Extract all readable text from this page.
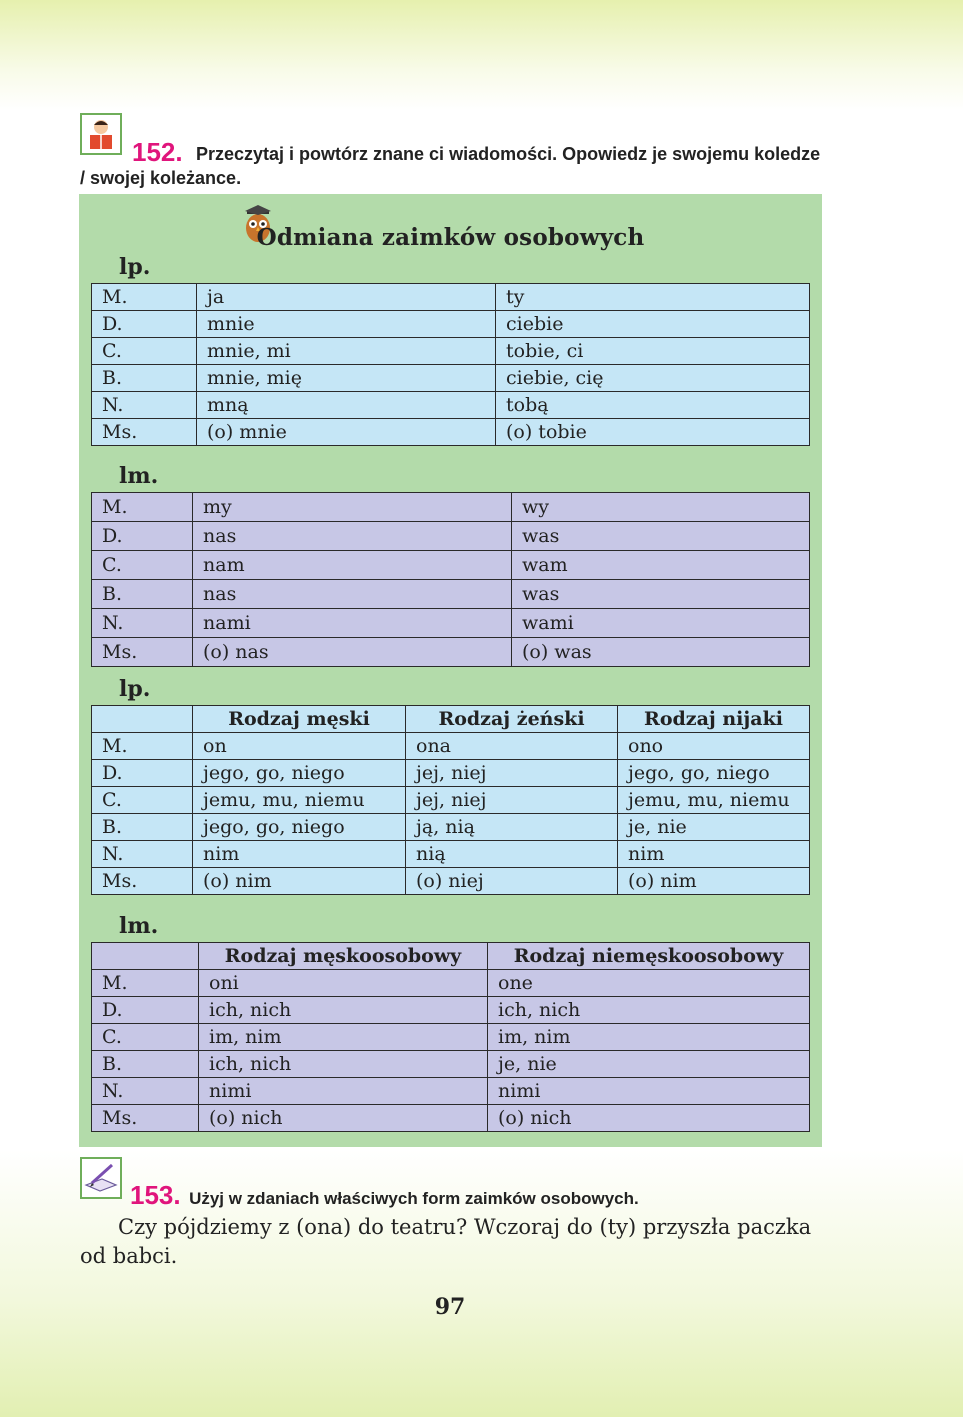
152. Przeczytaj i powtórz znane ci wiadomości. Opowiedz je swojemu koledze / swojej koleżance.
Odmiana zaimków osobowych
lp.
M.	ja	ty
D.	mnie	ciebie
C.	mnie, mi	tobie, ci
B.	mnie, mię	ciebie, cię
N.	mną	tobą
Ms.	(o) mnie	(o) tobie
lm.
M.	my	wy
D.	nas	was
C.	nam	wam
B.	nas	was
N.	nami	wami
Ms.	(o) nas	(o) was
lp.
	Rodzaj męski	Rodzaj żeński	Rodzaj nijaki
M.	on	ona	ono
D.	jego, go, niego	jej, niej	jego, go, niego
C.	jemu, mu, niemu	jej, niej	jemu, mu, niemu
B.	jego, go, niego	ją, nią	je, nie
N.	nim	nią	nim
Ms.	(o) nim	(o) niej	(o) nim
lm.
	Rodzaj męskoosobowy	Rodzaj niemęskoosobowy
M.	oni	one
D.	ich, nich	ich, nich
C.	im, nim	im, nim
B.	ich, nich	je, nie
N.	nimi	nimi
Ms.	(o) nich	(o) nich
153. Użyj w zdaniach właściwych form zaimków osobowych.
Czy pójdziemy z (ona) do teatru? Wczoraj do (ty) przyszła paczka od babci.
97
